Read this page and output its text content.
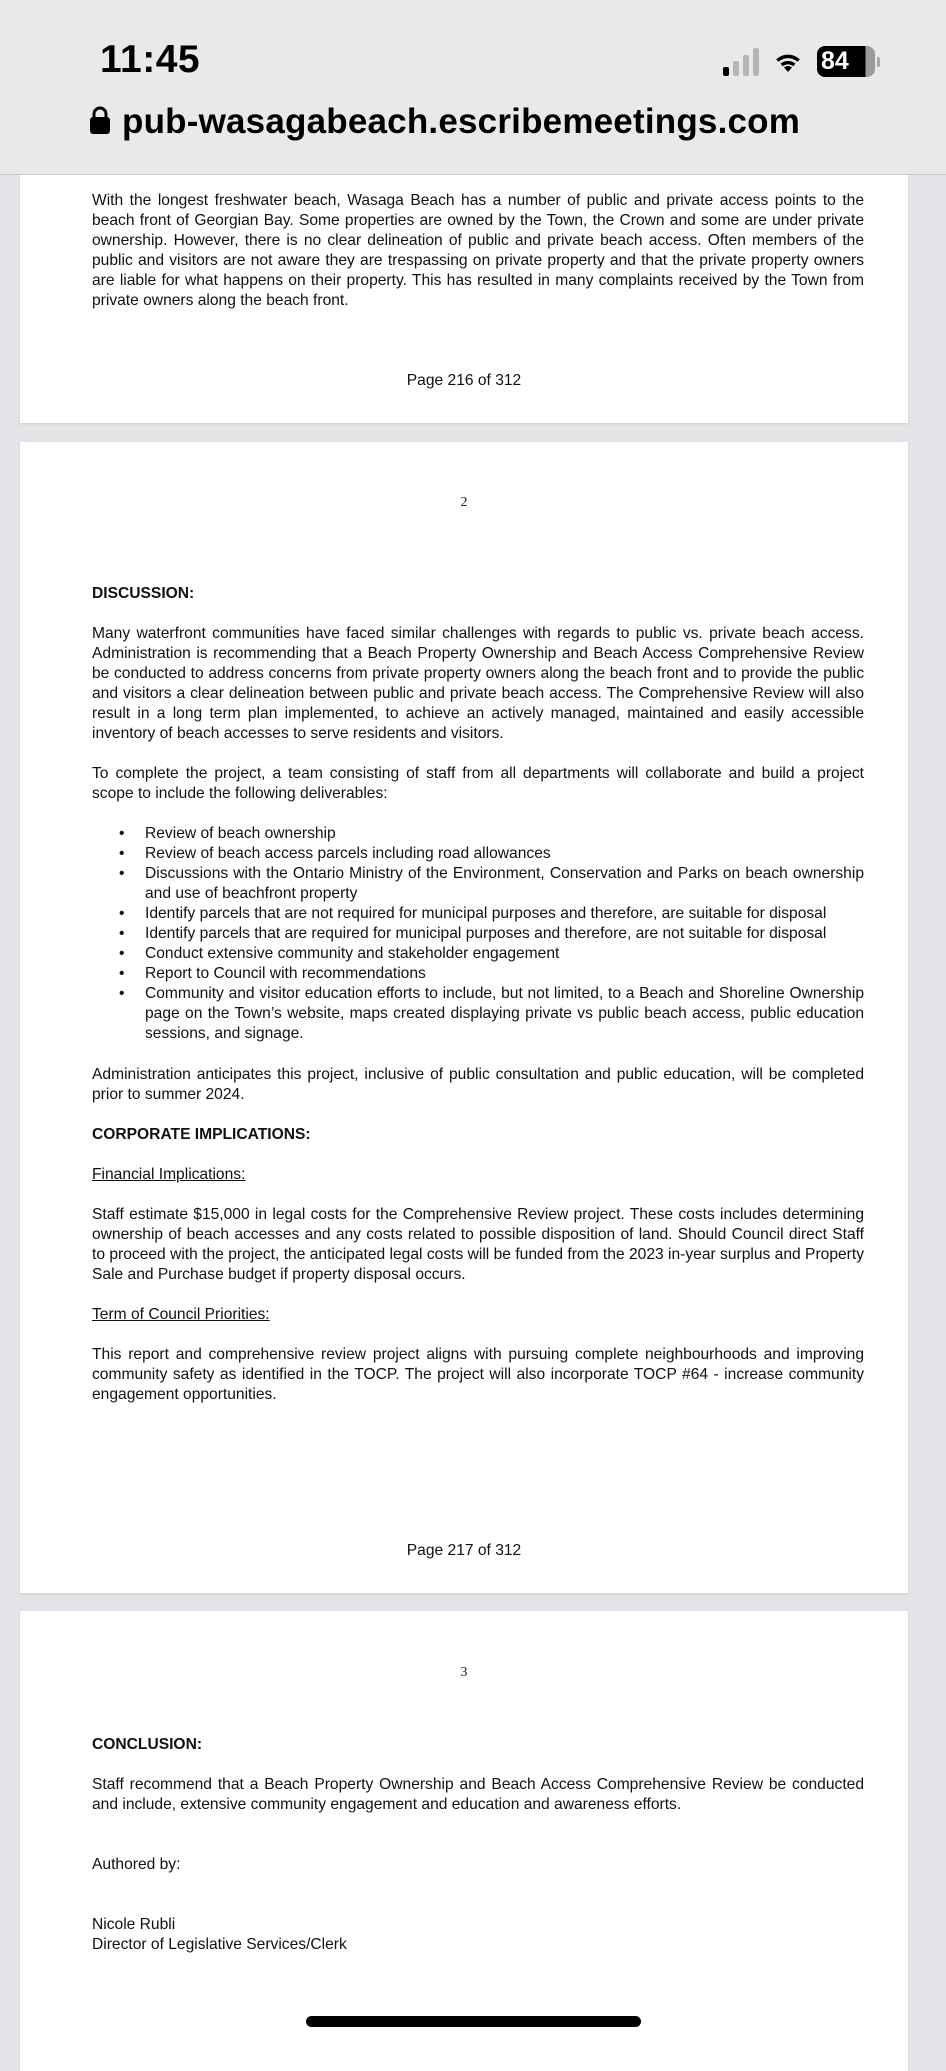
11:45	84
pub-wasagabeach.escribemeetings.com

With the longest freshwater beach, Wasaga Beach has a number of public and private access points to the beach front of Georgian Bay. Some properties are owned by the Town, the Crown and some are under private ownership. However, there is no clear delineation of public and private beach access. Often members of the public and visitors are not aware they are trespassing on private property and that the private property owners are liable for what happens on their property. This has resulted in many complaints received by the Town from private owners along the beach front.

Page 216 of 312
2

DISCUSSION:

Many waterfront communities have faced similar challenges with regards to public vs. private beach access. Administration is recommending that a Beach Property Ownership and Beach Access Comprehensive Review be conducted to address concerns from private property owners along the beach front and to provide the public and visitors a clear delineation between public and private beach access. The Comprehensive Review will also result in a long term plan implemented, to achieve an actively managed, maintained and easily accessible inventory of beach accesses to serve residents and visitors.

To complete the project, a team consisting of staff from all departments will collaborate and build a project scope to include the following deliverables:

• Review of beach ownership
• Review of beach access parcels including road allowances
• Discussions with the Ontario Ministry of the Environment, Conservation and Parks on beach ownership and use of beachfront property
• Identify parcels that are not required for municipal purposes and therefore, are suitable for disposal
• Identify parcels that are required for municipal purposes and therefore, are not suitable for disposal
• Conduct extensive community and stakeholder engagement
• Report to Council with recommendations
• Community and visitor education efforts to include, but not limited, to a Beach and Shoreline Ownership page on the Town’s website, maps created displaying private vs public beach access, public education sessions, and signage.

Administration anticipates this project, inclusive of public consultation and public education, will be completed prior to summer 2024.

CORPORATE IMPLICATIONS:

Financial Implications:

Staff estimate $15,000 in legal costs for the Comprehensive Review project. These costs includes determining ownership of beach accesses and any costs related to possible disposition of land. Should Council direct Staff to proceed with the project, the anticipated legal costs will be funded from the 2023 in-year surplus and Property Sale and Purchase budget if property disposal occurs.

Term of Council Priorities:

This report and comprehensive review project aligns with pursuing complete neighbourhoods and improving community safety as identified in the TOCP. The project will also incorporate TOCP #64 - increase community engagement opportunities.

Page 217 of 312
3

CONCLUSION:

Staff recommend that a Beach Property Ownership and Beach Access Comprehensive Review be conducted and include, extensive community engagement and education and awareness efforts.

Authored by:

Nicole Rubli

Director of Legislative Services/Clerk
